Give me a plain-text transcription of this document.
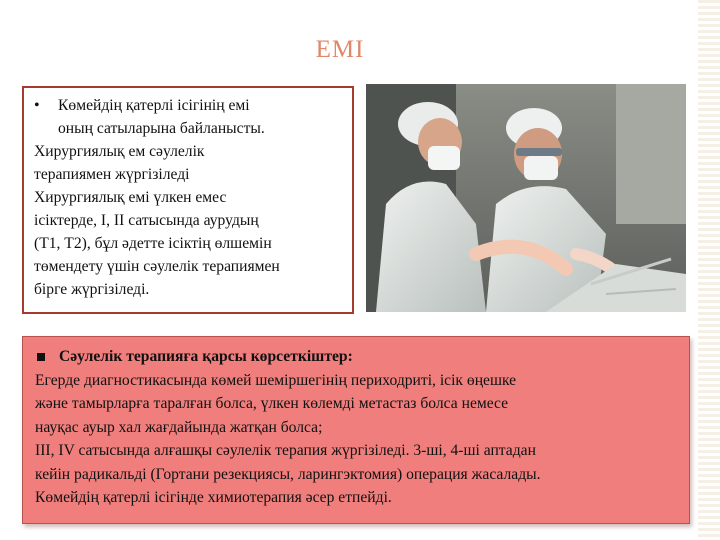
ЕМІ
•	Көмейдің қатерлі ісігінің емі
оның сатыларына байланысты.
Хирургиялық ем сәулелік
терапиямен жүргізіледі
Хирургиялық емі үлкен емес
ісіктерде, I, II сатысында аурудың
(Т1, Т2), бұл әдетте ісіктің өлшемін
төмендету үшін сәулелік терапиямен
бірге жүргізіледі.
Сәулелік терапияға қарсы көрсеткіштер:
Егерде диагностикасында көмей шеміршегінің периходриті, ісік өңешке
және тамырларға таралған болса, үлкен көлемді метастаз болса немесе
науқас ауыр хал жағдайында жатқан болса;
III, IV сатысында алғашқы сәулелік терапия жүргізіледі. 3-ші, 4-ші аптадан
кейін радикальді (Гортани резекциясы, ларингэктомия) операция жасалады.
Көмейдің қатерлі ісігінде химиотерапия әсер етпейді.
